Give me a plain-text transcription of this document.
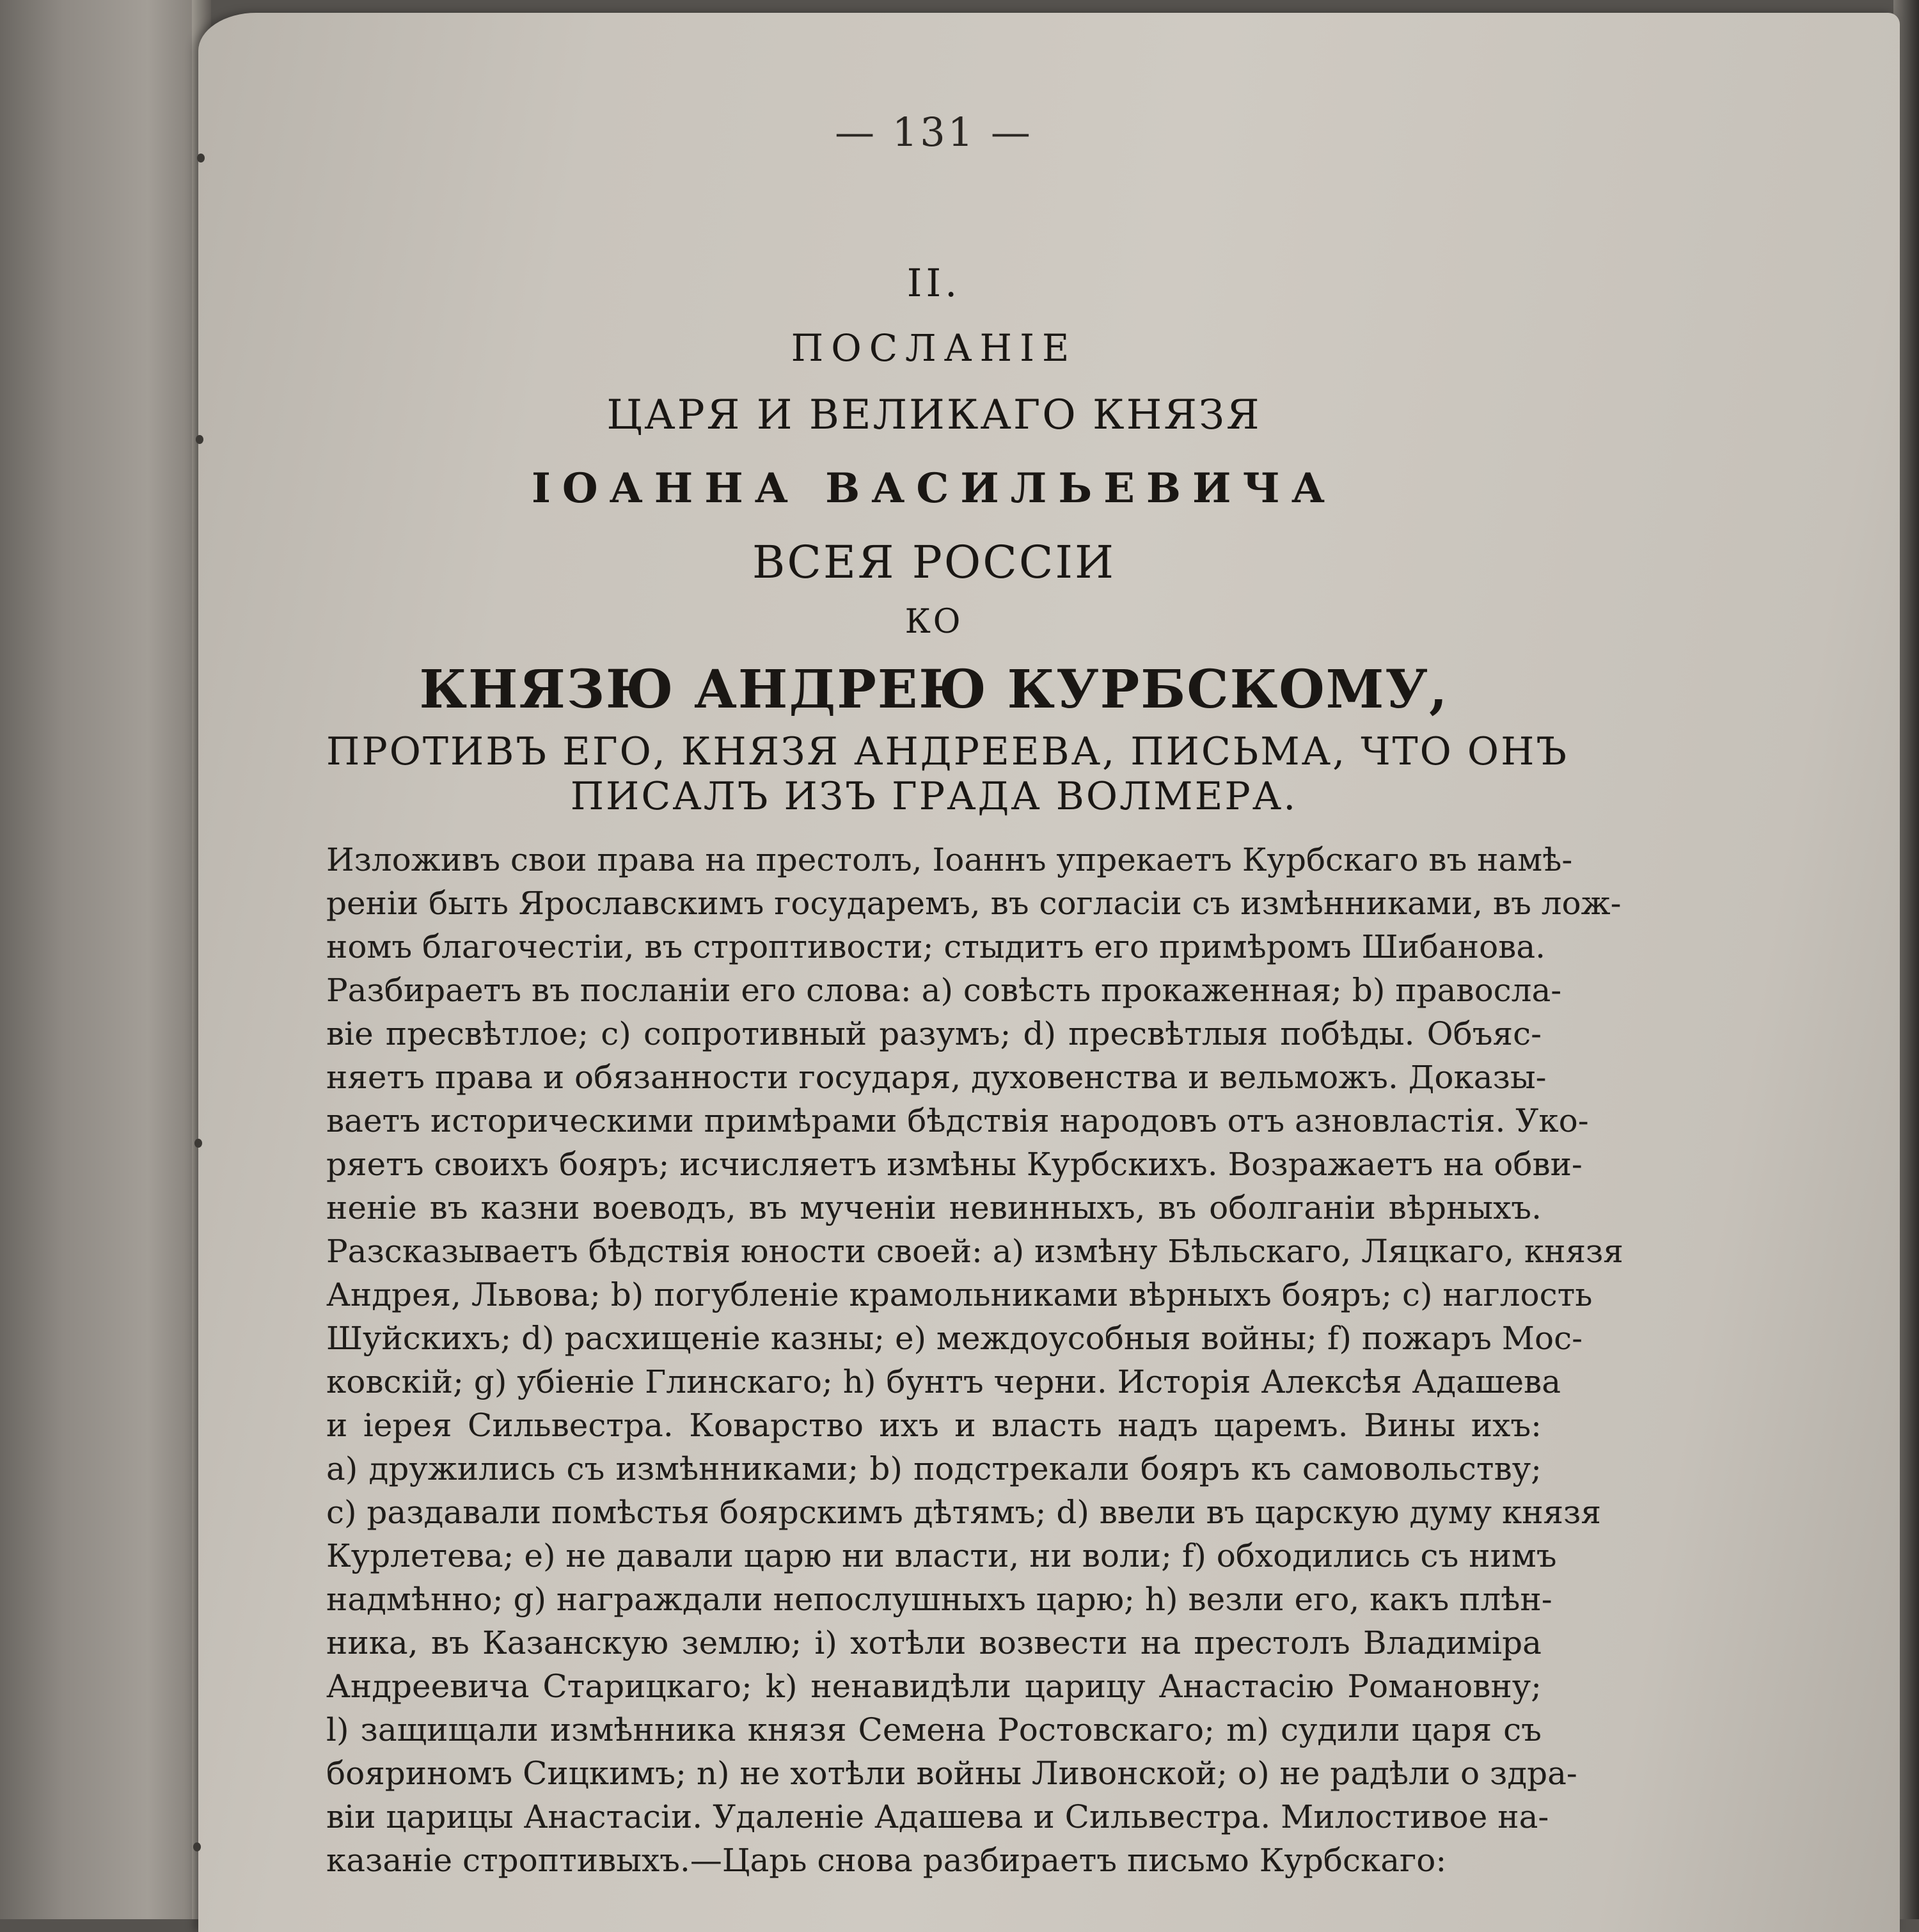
— 131 —
II.
ПОСЛАНІЕ
ЦАРЯ И ВЕЛИКАГО КНЯЗЯ
ІОАННА ВАСИЛЬЕВИЧА
ВСЕЯ РОССІИ
КО
КНЯЗЮ АНДРЕЮ КУРБСКОМУ,
ПРОТИВЪ ЕГО, КНЯЗЯ АНДРЕЕВА, ПИСЬМА, ЧТО ОНЪ
ПИСАЛЪ ИЗЪ ГРАДА ВОЛМЕРА.
Изложивъ свои права на престолъ, Іоаннъ упрекаетъ Курбскаго въ намѣ-
реніи быть Ярославскимъ государемъ, въ согласіи съ измѣнниками, въ лож-
номъ благочестіи, въ строптивости; стыдитъ его примѣромъ Шибанова.
Разбираетъ въ посланіи его слова: a) совѣсть прокаженная; b) правосла-
віе пресвѣтлое; c) сопротивный разумъ; d) пресвѣтлыя побѣды. Объяс-
няетъ права и обязанности государя, духовенства и вельможъ. Доказы-
ваетъ историческими примѣрами бѣдствія народовъ отъ азновластія. Уко-
ряетъ своихъ бояръ; исчисляетъ измѣны Курбскихъ. Возражаетъ на обви-
неніе въ казни воеводъ, въ мученіи невинныхъ, въ оболганіи вѣрныхъ.
Разсказываетъ бѣдствія юности своей: a) измѣну Бѣльскаго, Ляцкаго, князя
Андрея, Львова; b) погубленіе крамольниками вѣрныхъ бояръ; c) наглость
Шуйскихъ; d) расхищеніе казны; e) междоусобныя войны; f) пожаръ Мос-
ковскій; g) убіеніе Глинскаго; h) бунтъ черни. Исторія Алексѣя Адашева
и іерея Сильвестра. Коварство ихъ и власть надъ царемъ. Вины ихъ:
a) дружились съ измѣнниками; b) подстрекали бояръ къ самовольству;
c) раздавали помѣстья боярскимъ дѣтямъ; d) ввели въ царскую думу князя
Курлетева; e) не давали царю ни власти, ни воли; f) обходились съ нимъ
надмѣнно; g) награждали непослушныхъ царю; h) везли его, какъ плѣн-
ника, въ Казанскую землю; i) хотѣли возвести на престолъ Владиміра
Андреевича Старицкаго; k) ненавидѣли царицу Анастасію Романовну;
l) защищали измѣнника князя Семена Ростовскаго; m) судили царя съ
бояриномъ Сицкимъ; n) не хотѣли войны Ливонской; o) не радѣли о здра-
віи царицы Анастасіи. Удаленіе Адашева и Сильвестра. Милостивое на-
казаніе строптивыхъ.—Царь снова разбираетъ письмо Курбскаго:
